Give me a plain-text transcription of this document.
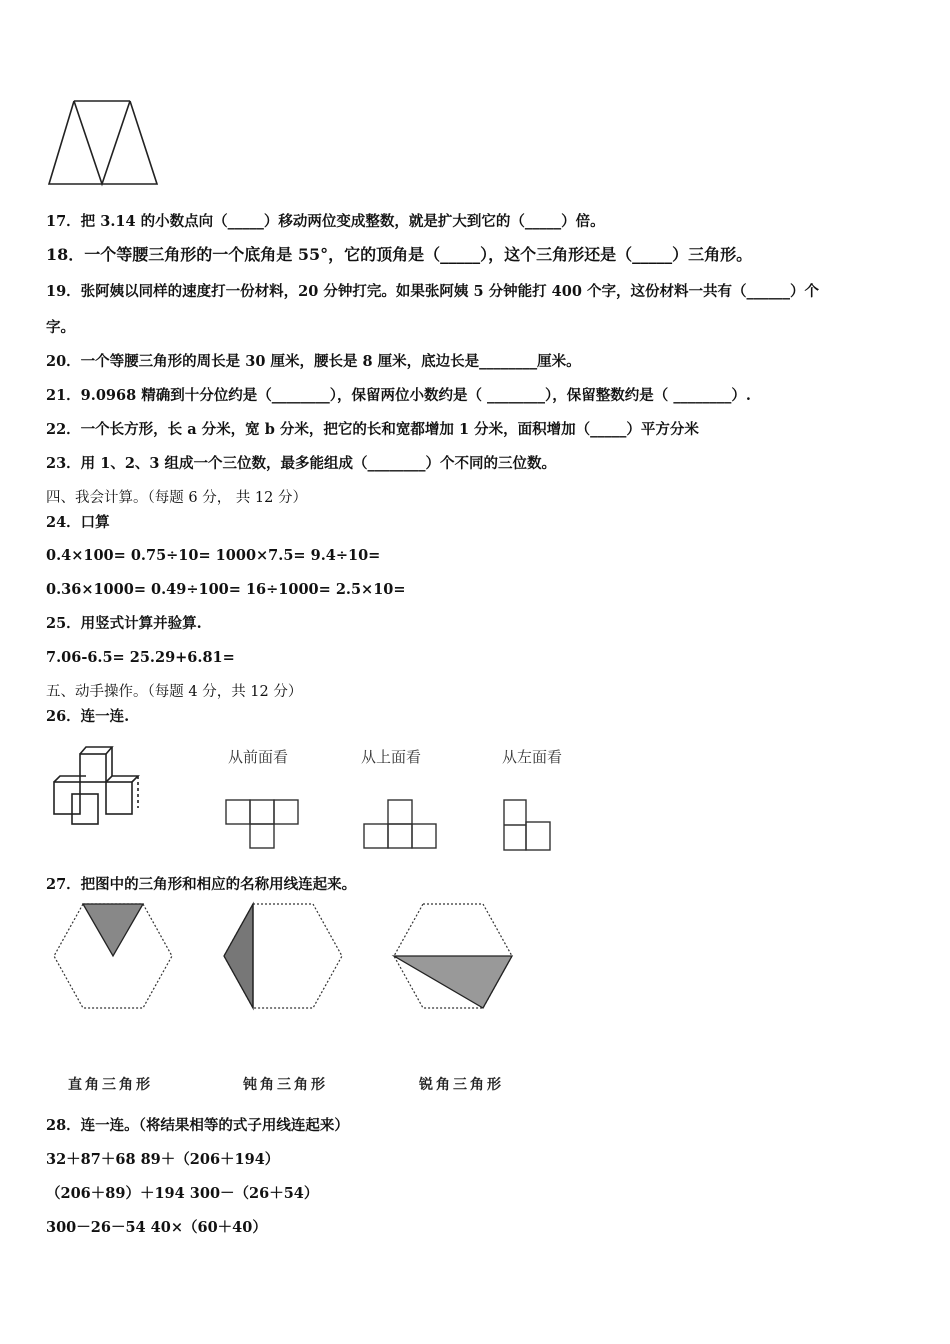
17．把 3.14 的小数点向（_____）移动两位变成整数，就是扩大到它的（_____）倍。
18．一个等腰三角形的一个底角是 55°，它的顶角是（_____），这个三角形还是（_____）三角形。
19．张阿姨以同样的速度打一份材料，20 分钟打完。如果张阿姨 5 分钟能打 400 个字，这份材料一共有（______）个
字。
20．一个等腰三角形的周长是 30 厘米，腰长是 8 厘米，底边长是________厘米。
21．9.0968 精确到十分位约是（________），保留两位小数约是（ ________），保留整数约是（ ________）.
22．一个长方形，长 a 分米，宽 b 分米，把它的长和宽都增加 1 分米，面积增加（_____）平方分米
23．用 1、2、3 组成一个三位数，最多能组成（________）个不同的三位数。
四、我会计算。（每题 6 分， 共 12 分）
24．口算
0.4×100= 0.75÷10= 1000×7.5= 9.4÷10=
0.36×1000= 0.49÷100= 16÷1000= 2.5×10=
25．用竖式计算并验算.
7.06-6.5= 25.29+6.81=
五、动手操作。（每题 4 分，共 12 分）
26．连一连.
从前面看	从上面看	从左面看
27．把图中的三角形和相应的名称用线连起来。
直角三角形	钝角三角形	锐角三角形
28．连一连。（将结果相等的式子用线连起来）
32＋87＋68 89＋（206＋194）
（206＋89）＋194 300－（26＋54）
300－26－54 40×（60＋40）
